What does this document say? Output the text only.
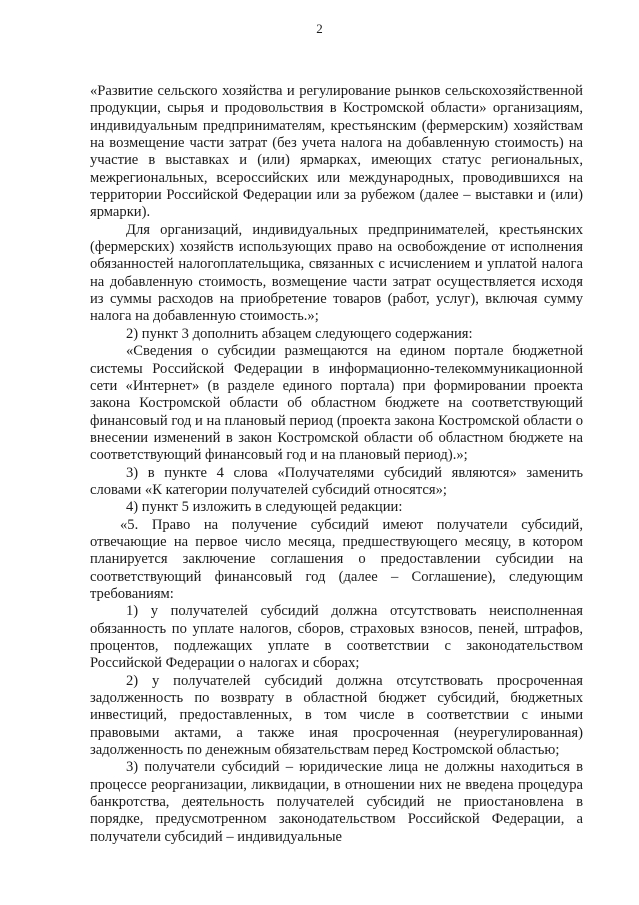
2

«Развитие сельского хозяйства и регулирование рынков сельскохозяйственной продукции, сырья и продовольствия в Костромской области» организациям, индивидуальным предпринимателям, крестьянским (фермерским) хозяйствам на возмещение части затрат (без учета налога на добавленную стоимость) на участие в выставках и (или) ярмарках, имеющих статус региональных, межрегиональных, всероссийских или международных, проводившихся на территории Российской Федерации или за рубежом (далее – выставки и (или) ярмарки).

Для организаций, индивидуальных предпринимателей, крестьянских (фермерских) хозяйств использующих право на освобождение от исполнения обязанностей налогоплательщика, связанных с исчислением и уплатой налога на добавленную стоимость, возмещение части затрат осуществляется исходя из суммы расходов на приобретение товаров (работ, услуг), включая сумму налога на добавленную стоимость.»;

2) пункт 3 дополнить абзацем следующего содержания:

«Сведения о субсидии размещаются на едином портале бюджетной системы Российской Федерации в информационно-телекоммуникационной сети «Интернет» (в разделе единого портала) при формировании проекта закона Костромской области об областном бюджете на соответствующий финансовый год и на плановый период (проекта закона Костромской области о внесении изменений в закон Костромской области об областном бюджете на соответствующий финансовый год и на плановый период).»;

3) в пункте 4 слова «Получателями субсидий являются» заменить словами «К категории получателей субсидий относятся»;

4) пункт 5 изложить в следующей редакции:

«5. Право на получение субсидий имеют получатели субсидий, отвечающие на первое число месяца, предшествующего месяцу, в котором планируется заключение соглашения о предоставлении субсидии на соответствующий финансовый год (далее – Соглашение), следующим требованиям:

1) у получателей субсидий должна отсутствовать неисполненная обязанность по уплате налогов, сборов, страховых взносов, пеней, штрафов, процентов, подлежащих уплате в соответствии с законодательством Российской Федерации о налогах и сборах;

2) у получателей субсидий должна отсутствовать просроченная задолженность по возврату в областной бюджет субсидий, бюджетных инвестиций, предоставленных, в том числе в соответствии с иными правовыми актами, а также иная просроченная (неурегулированная) задолженность по денежным обязательствам перед Костромской областью;

3) получатели субсидий – юридические лица не должны находиться в процессе реорганизации, ликвидации, в отношении них не введена процедура банкротства, деятельность получателей субсидий не приостановлена в порядке, предусмотренном законодательством Российской Федерации, а получатели субсидий – индивидуальные
